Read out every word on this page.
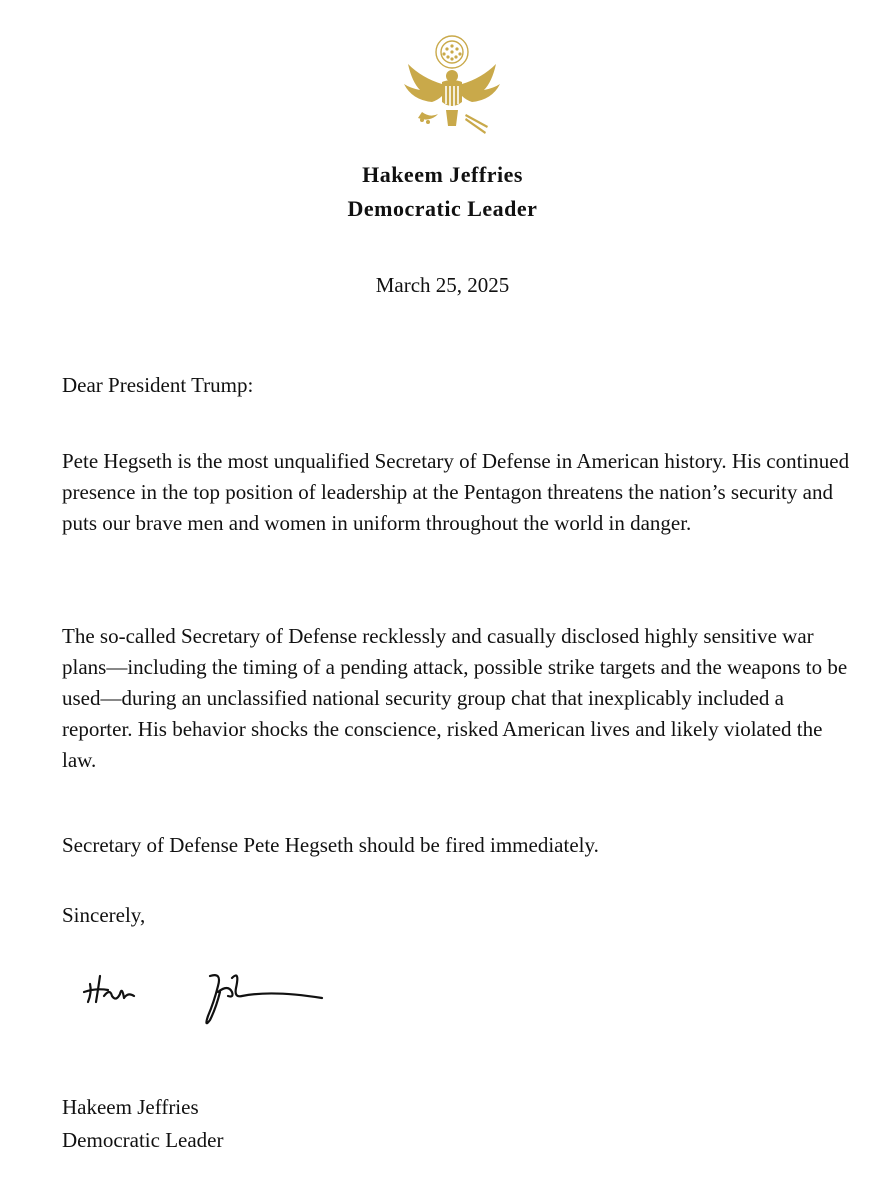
Hakeem Jeffries
Democratic Leader
March 25, 2025

Dear President Trump:

Pete Hegseth is the most unqualified Secretary of Defense in American history. His continued presence in the top position of leadership at the Pentagon threatens the nation’s security and puts our brave men and women in uniform throughout the world in danger.

The so-called Secretary of Defense recklessly and casually disclosed highly sensitive war plans—including the timing of a pending attack, possible strike targets and the weapons to be used—during an unclassified national security group chat that inexplicably included a reporter. His behavior shocks the conscience, risked American lives and likely violated the law.

Secretary of Defense Pete Hegseth should be fired immediately.

Sincerely,

Hakeem Jeffries

Democratic Leader
